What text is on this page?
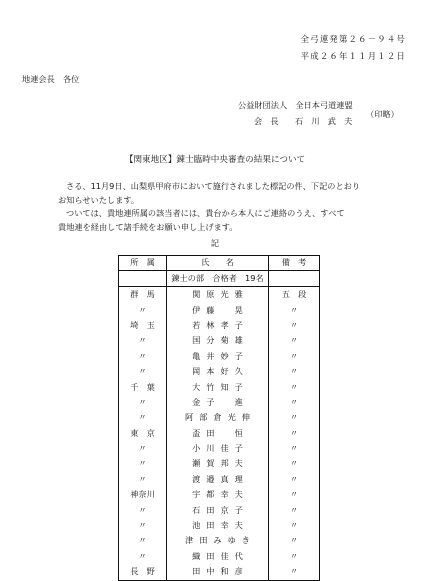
全弓連発第２６－９４号
平成２６年１１月１２日
地連会長　各位
公益財団法人　全日本弓道連盟
会　長　　石　川　武　夫
（印略）
【関東地区】錬士臨時中央審査の結果について
さる、11月9日、山梨県甲府市において施行されました標記の件、下記のとおり
お知らせいたします。
ついては、貴地連所属の該当者には、貴台から本人にご連絡のうえ、すべて
貴地連を経由して諸手続をお願い申し上げます。
記
所　属	氏　　名	備　考
	錬士の部　合格者　19名	
群　馬	関原光雅	五　段
〃	伊藤　晃	〃
埼　玉	若林孝子	〃
〃	国分菊雄	〃
〃	亀井妙子	〃
〃	岡本好久	〃
千　葉	大竹知子	〃
〃	金子　進	〃
〃	阿部倉光伸	〃
東　京	盃田　恒	〃
〃	小川佳子	〃
〃	瀬賀邦夫	〃
〃	渡邉真理	〃
神奈川	宇都幸夫	〃
〃	石田京子	〃
〃	池田幸夫	〃
〃	津田みゆき	〃
〃	織田佳代	〃
長　野	田中和彦	〃
